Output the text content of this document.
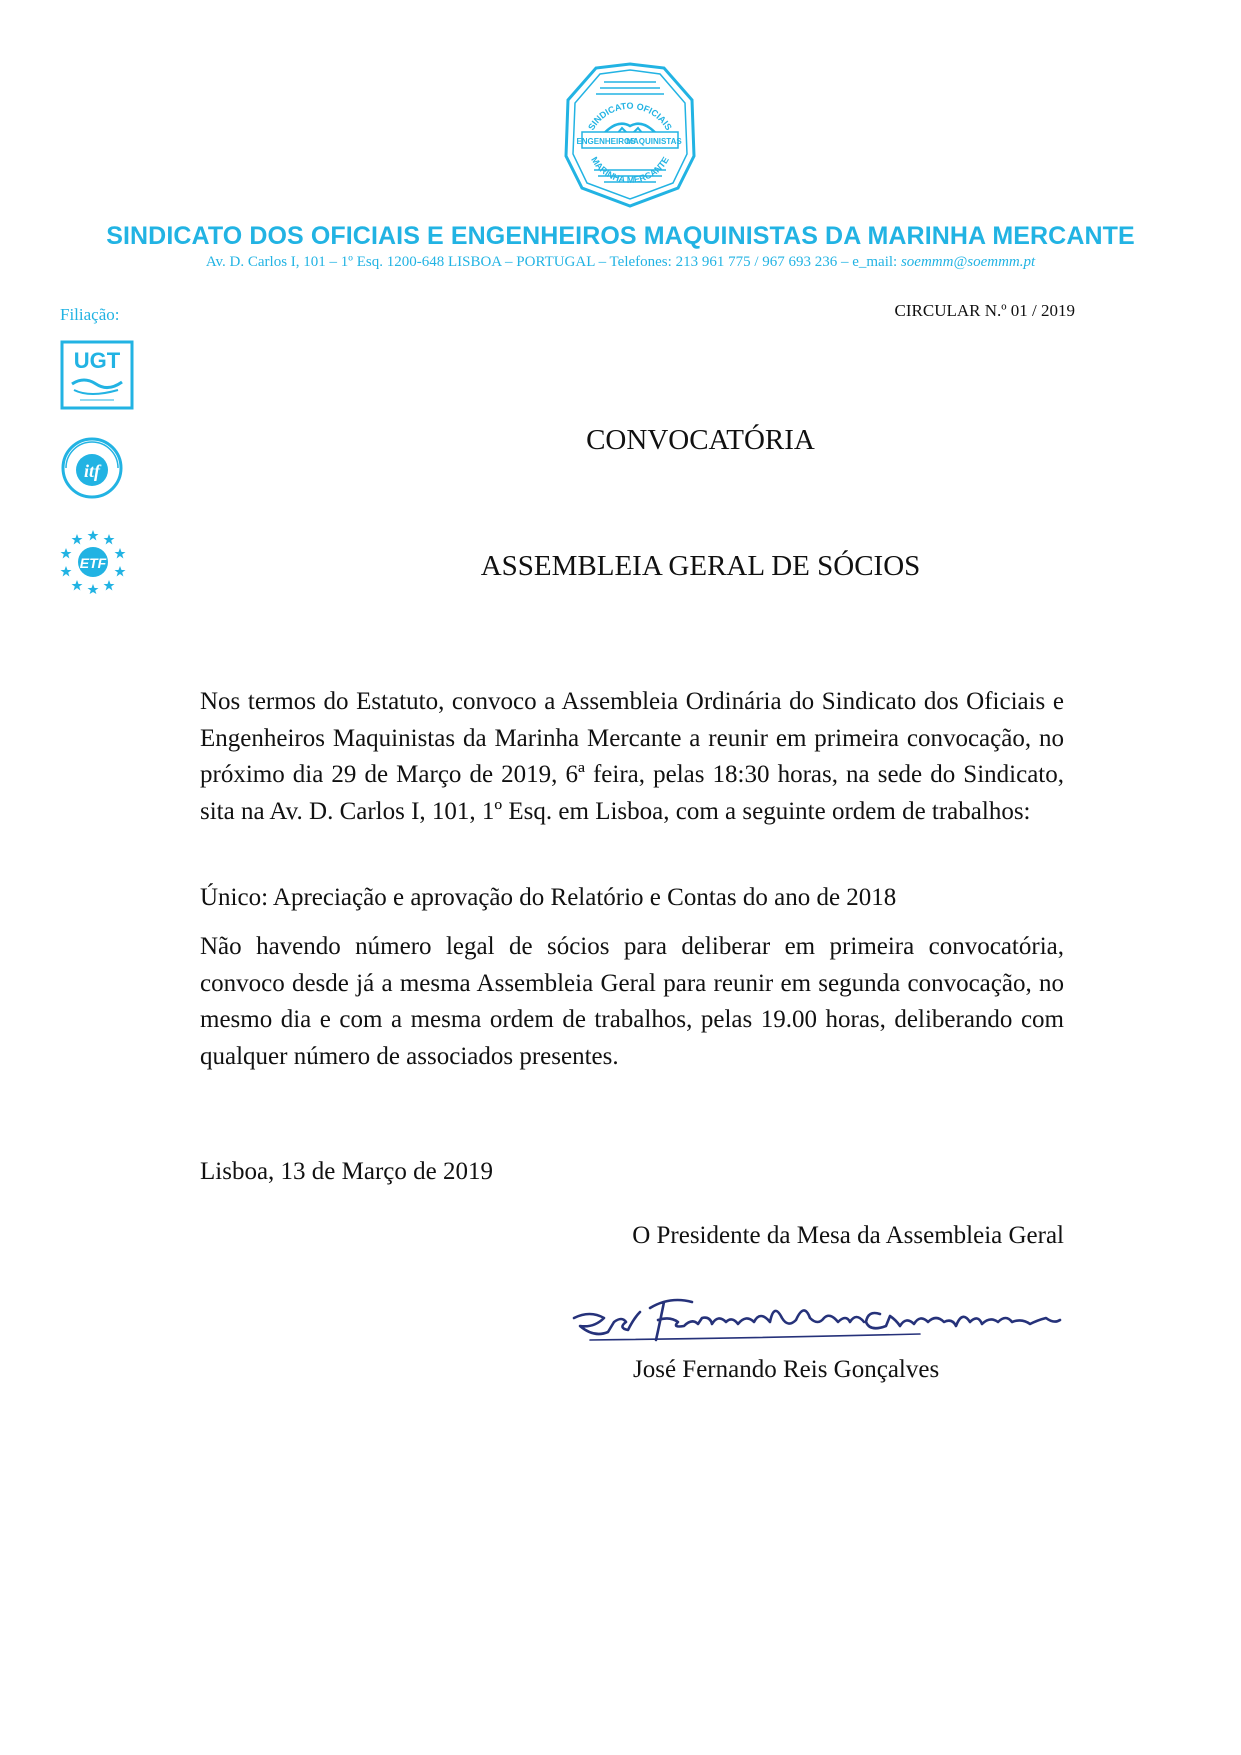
SINDICATO OFICIAIS
ENGENHEIROS
MAQUINISTAS
MARINHA MERCANTE
SINDICATO DOS OFICIAIS E ENGENHEIROS MAQUINISTAS DA MARINHA MERCANTE
Av. D. Carlos I, 101 – 1º Esq. 1200-648 LISBOA – PORTUGAL – Telefones: 213 961 775 / 967 693 236 – e_mail: soemmm@soemmm.pt
Filiação:	CIRCULAR N.º 01 / 2019
UGT
itf
ETF
CONVOCATÓRIA
ASSEMBLEIA GERAL DE SÓCIOS
Nos termos do Estatuto, convoco a Assembleia Ordinária do Sindicato dos Oficiais e Engenheiros Maquinistas da Marinha Mercante a reunir em primeira convocação, no próximo dia 29 de Março de 2019, 6ª feira, pelas 18:30 horas, na sede do Sindicato, sita na Av. D. Carlos I, 101, 1º Esq. em Lisboa, com a seguinte ordem de trabalhos:
Único: Apreciação e aprovação do Relatório e Contas do ano de 2018
Não havendo número legal de sócios para deliberar em primeira convocatória, convoco desde já a mesma Assembleia Geral para reunir em segunda convocação, no mesmo dia e com a mesma ordem de trabalhos, pelas 19.00 horas, deliberando com qualquer número de associados presentes.
Lisboa, 13 de Março de 2019
O Presidente da Mesa da Assembleia Geral
José Fernando Reis Gonçalves
